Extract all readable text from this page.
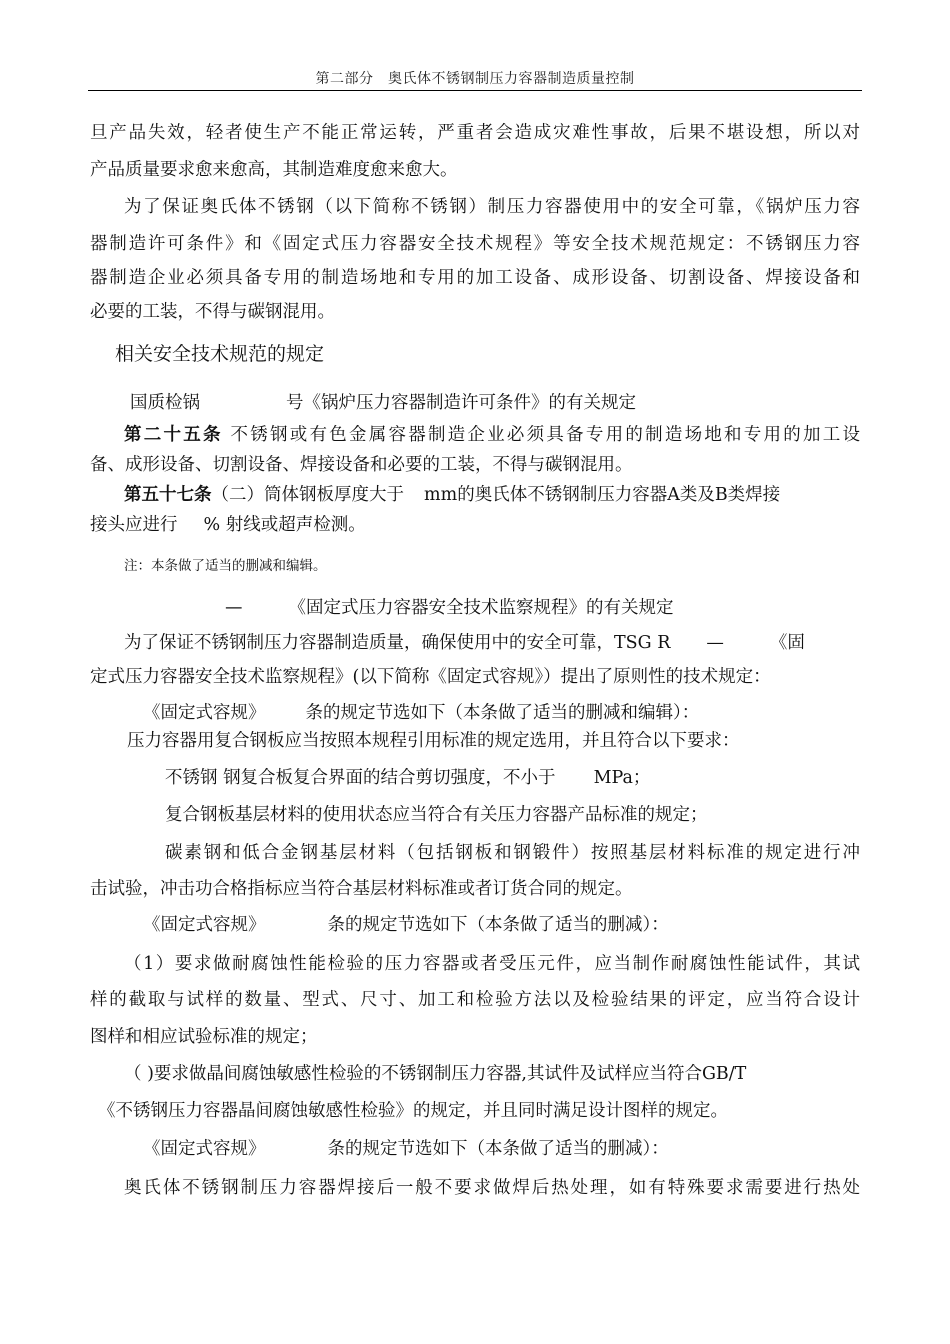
第二部分　奥氏体不锈钢制压力容器制造质量控制
旦产品失效，轻者使生产不能正常运转，严重者会造成灾难性事故，后果不堪设想，所以对
产品质量要求愈来愈高，其制造难度愈来愈大。
为了保证奥氏体不锈钢（以下简称不锈钢）制压力容器使用中的安全可靠，《锅炉压力容
器制造许可条件》和《固定式压力容器安全技术规程》等安全技术规范规定：不锈钢压力容
器制造企业必须具备专用的制造场地和专用的加工设备、成形设备、切割设备、焊接设备和
必要的工装，不得与碳钢混用。
相关安全技术规范的规定
国质检锅	号《锅炉压力容器制造许可条件》的有关规定
第二十五条 不锈钢或有色金属容器制造企业必须具备专用的制造场地和专用的加工设
备、成形设备、切割设备、焊接设备和必要的工装，不得与碳钢混用。
第五十七条（二）筒体钢板厚度大于 mm的奥氏体不锈钢制压力容器A类及B类焊接
接头应进行 % 射线或超声检测。
注：本条做了适当的删减和编辑。
—	《固定式压力容器安全技术监察规程》的有关规定
为了保证不锈钢制压力容器制造质量，确保使用中的安全可靠，TSG R —	《固
定式压力容器安全技术监察规程》(以下简称《固定式容规》）提出了原则性的技术规定：
《固定式容规》 条的规定节选如下（本条做了适当的删减和编辑）：
压力容器用复合钢板应当按照本规程引用标准的规定选用，并且符合以下要求：
不锈钢 钢复合板复合界面的结合剪切强度，不小于 MPa；
复合钢板基层材料的使用状态应当符合有关压力容器产品标准的规定；
碳素钢和低合金钢基层材料（包括钢板和钢锻件）按照基层材料标准的规定进行冲
击试验，冲击功合格指标应当符合基层材料标准或者订货合同的规定。
《固定式容规》	条的规定节选如下（本条做了适当的删减）：
（1）要求做耐腐蚀性能检验的压力容器或者受压元件，应当制作耐腐蚀性能试件，其试
样的截取与试样的数量、型式、尺寸、加工和检验方法以及检验结果的评定，应当符合设计
图样和相应试验标准的规定；
（ )要求做晶间腐蚀敏感性检验的不锈钢制压力容器,其试件及试样应当符合GB/T
《不锈钢压力容器晶间腐蚀敏感性检验》的规定，并且同时满足设计图样的规定。
《固定式容规》	条的规定节选如下（本条做了适当的删减）：
奥氏体不锈钢制压力容器焊接后一般不要求做焊后热处理，如有特殊要求需要进行热处
